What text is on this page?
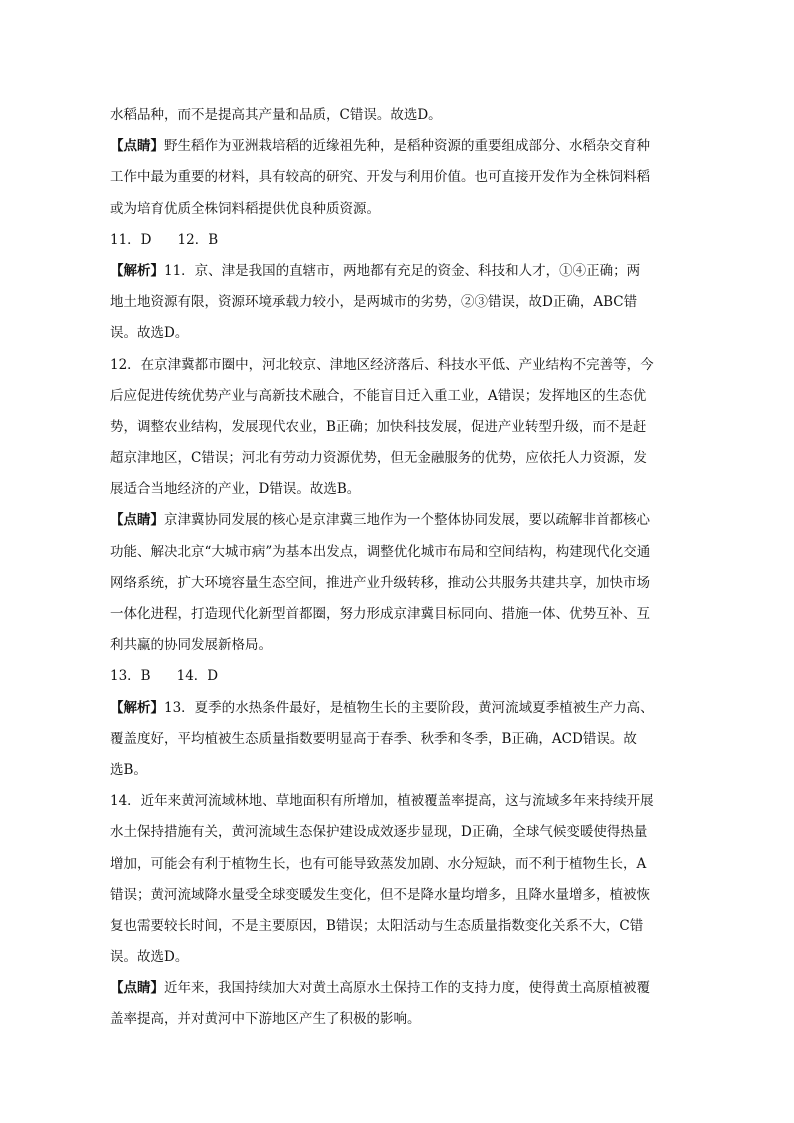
水稻品种，而不是提高其产量和品质，C错误。故选D。
【点睛】野生稻作为亚洲栽培稻的近缘祖先种，是稻种资源的重要组成部分、水稻杂交育种
工作中最为重要的材料，具有较高的研究、开发与利用价值。也可直接开发作为全株饲料稻
或为培育优质全株饲料稻提供优良种质资源。
11．D 12．B
【解析】11．京、津是我国的直辖市，两地都有充足的资金、科技和人才，①④正确；两
地土地资源有限，资源环境承载力较小，是两城市的劣势，②③错误，故D正确，ABC错
误。故选D。
12．在京津冀都市圈中，河北较京、津地区经济落后、科技水平低、产业结构不完善等，今
后应促进传统优势产业与高新技术融合，不能盲目迁入重工业，A错误；发挥地区的生态优
势，调整农业结构，发展现代农业，B正确；加快科技发展，促进产业转型升级，而不是赶
超京津地区，C错误；河北有劳动力资源优势，但无金融服务的优势，应依托人力资源，发
展适合当地经济的产业，D错误。故选B。
【点睛】京津冀协同发展的核心是京津冀三地作为一个整体协同发展，要以疏解非首都核心
功能、解决北京“大城市病”为基本出发点，调整优化城市布局和空间结构，构建现代化交通
网络系统，扩大环境容量生态空间，推进产业升级转移，推动公共服务共建共享，加快市场
一体化进程，打造现代化新型首都圈，努力形成京津冀目标同向、措施一体、优势互补、互
利共赢的协同发展新格局。
13．B 14．D
【解析】13．夏季的水热条件最好，是植物生长的主要阶段，黄河流域夏季植被生产力高、
覆盖度好，平均植被生态质量指数要明显高于春季、秋季和冬季，B正确，ACD错误。故
选B。
14．近年来黄河流域林地、草地面积有所增加，植被覆盖率提高，这与流域多年来持续开展
水土保持措施有关，黄河流域生态保护建设成效逐步显现，D正确，全球气候变暖使得热量
增加，可能会有利于植物生长，也有可能导致蒸发加剧、水分短缺，而不利于植物生长，A
错误；黄河流域降水量受全球变暖发生变化，但不是降水量均增多，且降水量增多，植被恢
复也需要较长时间，不是主要原因，B错误；太阳活动与生态质量指数变化关系不大，C错
误。故选D。
【点睛】近年来，我国持续加大对黄土高原水土保持工作的支持力度，使得黄土高原植被覆
盖率提高，并对黄河中下游地区产生了积极的影响。
